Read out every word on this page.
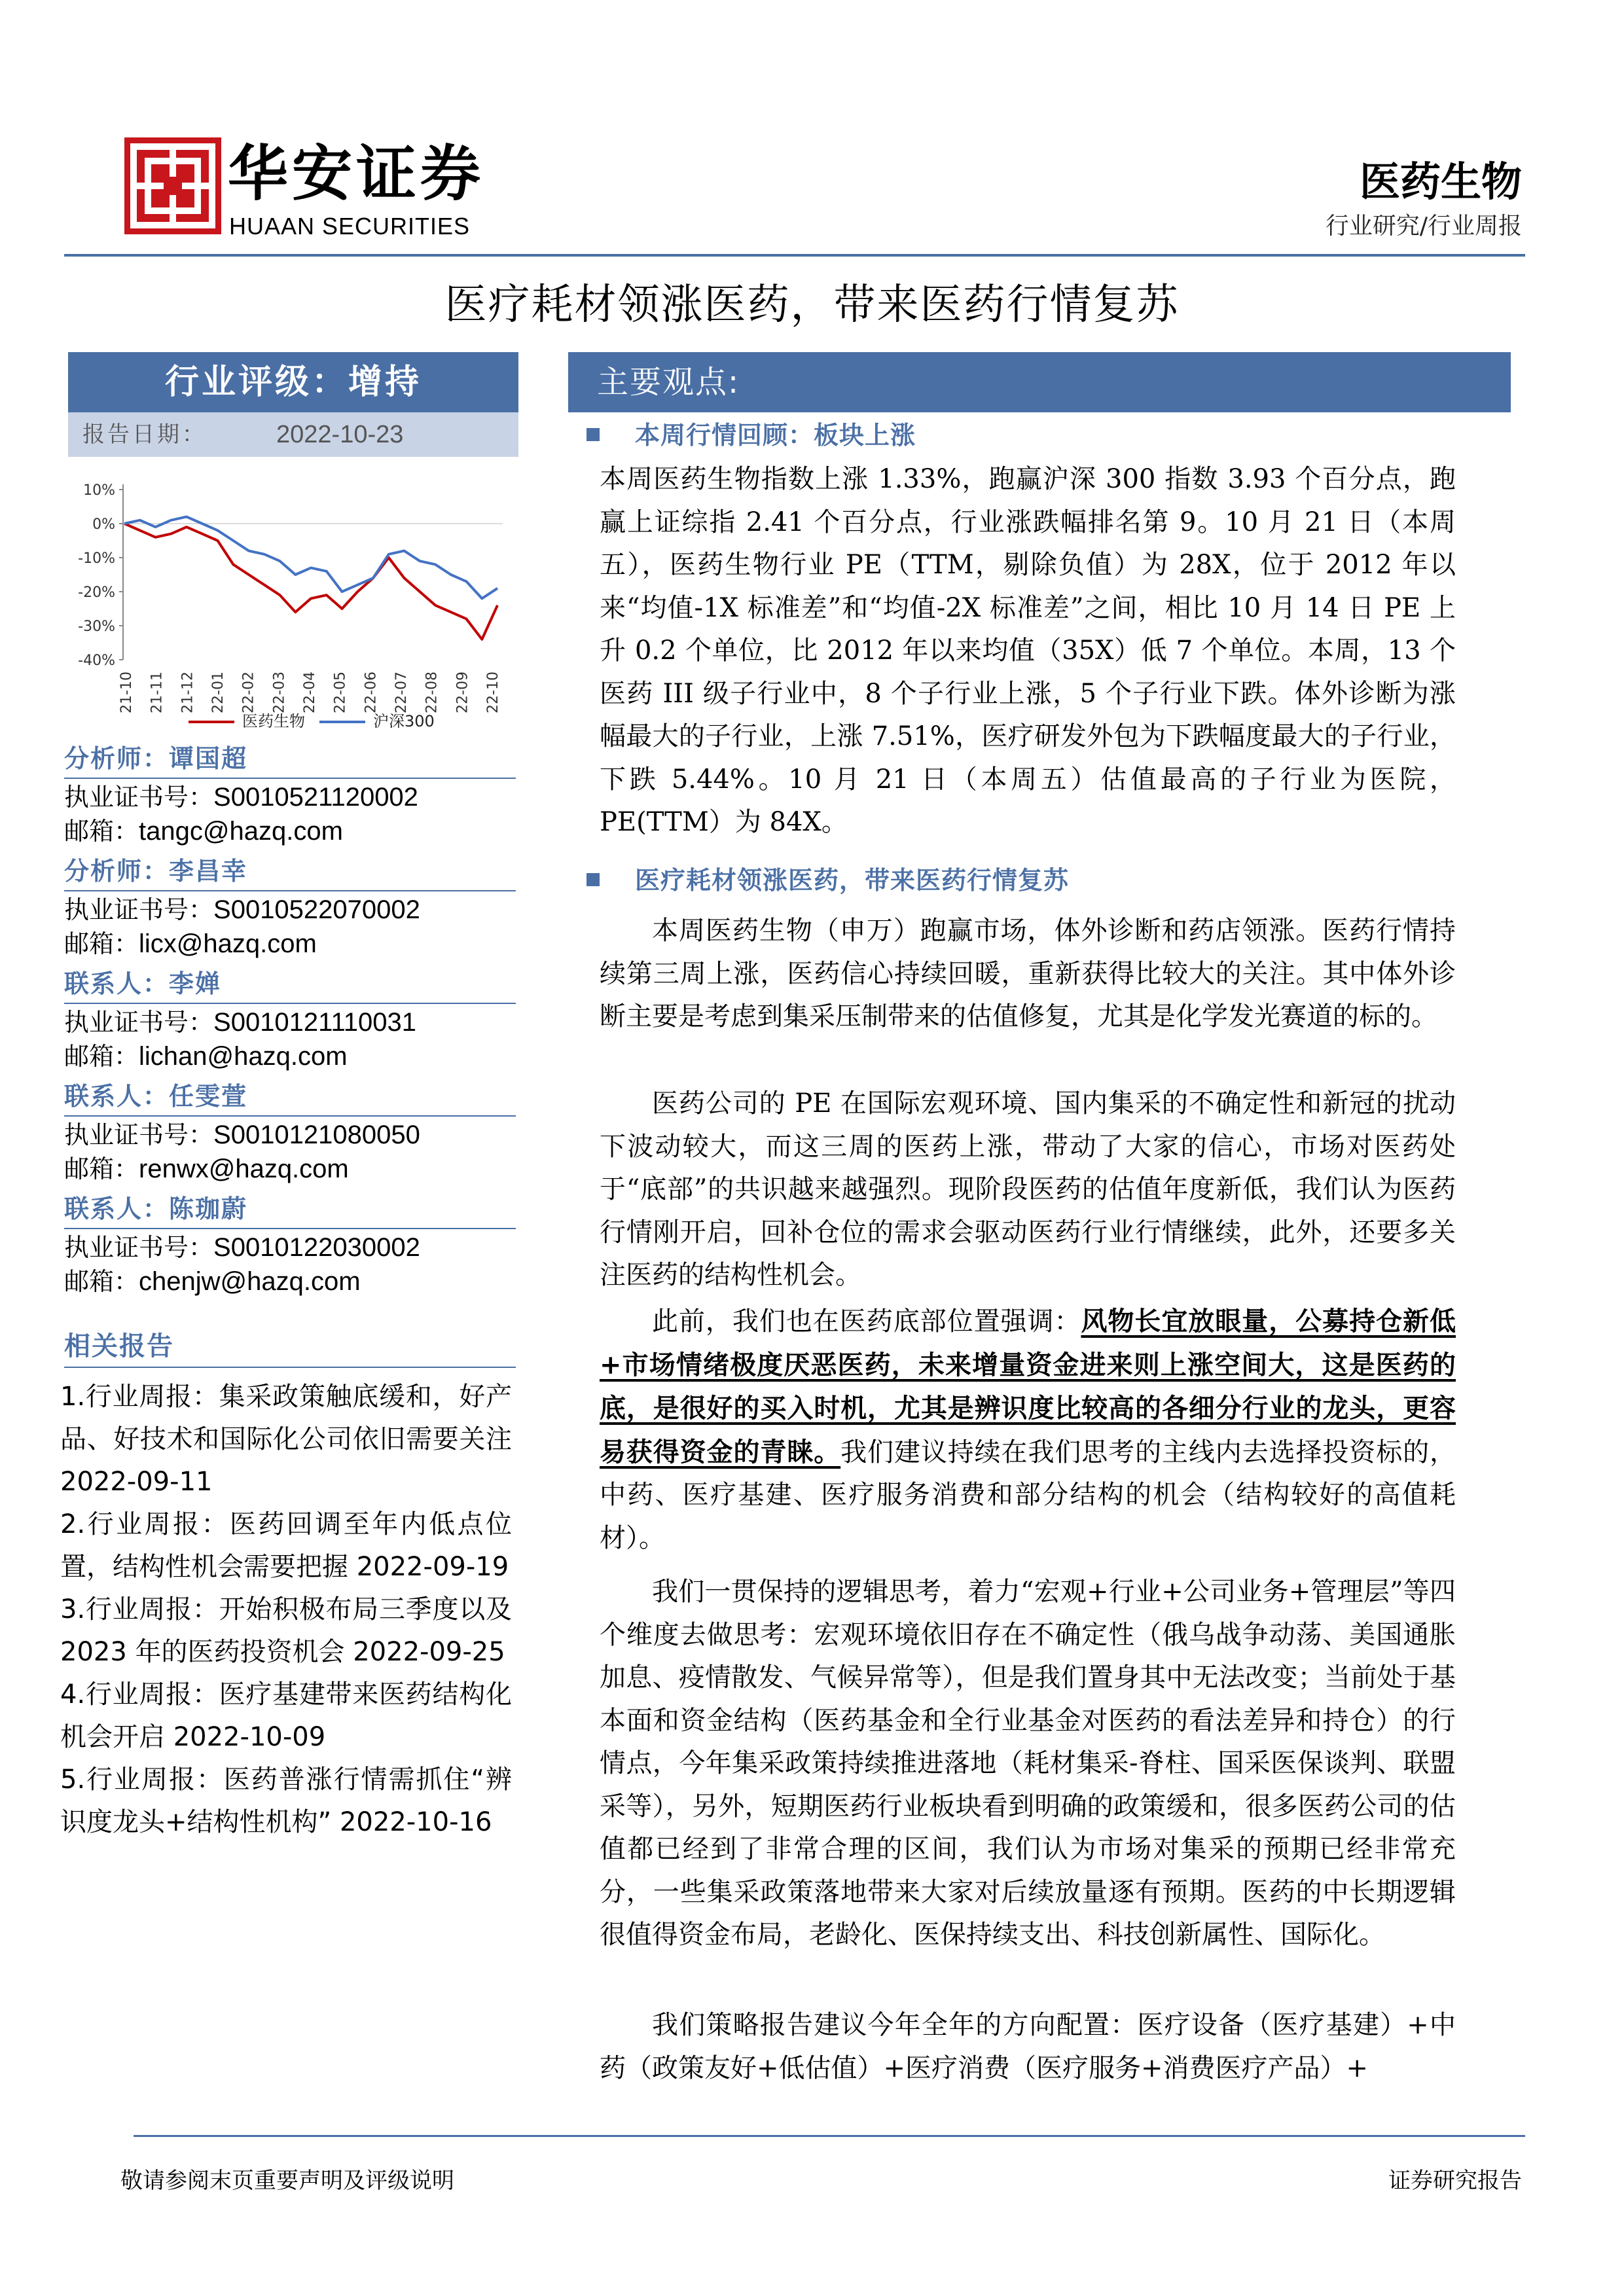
华安证券
HUAAN SECURITIES
医药生物
行业研究/行业周报
医疗耗材领涨医药，带来医药行情复苏
行业评级：增持
报告日期：	2022-10-23
10%
0%
-10%
-20%
-30%
-40%
21-10 21-11 21-12 22-01 22-02 22-03 22-04 22-05 22-06 22-07 22-08 22-09 22-10
医药生物	沪深300
分析师：谭国超
执业证书号：S0010521120002
邮箱：tangc@hazq.com
分析师：李昌幸
执业证书号：S0010522070002
邮箱：licx@hazq.com
联系人：李婵
执业证书号：S0010121110031
邮箱：lichan@hazq.com
联系人：任雯萱
执业证书号：S0010121080050
邮箱：renwx@hazq.com
联系人：陈珈蔚
执业证书号：S0010122030002
邮箱：chenjw@hazq.com
相关报告
1.行业周报：集采政策触底缓和，好产品、好技术和国际化公司依旧需要关注 2022-09-11
2.行业周报：医药回调至年内低点位置，结构性机会需要把握 2022-09-19
3.行业周报：开始积极布局三季度以及 2023 年的医药投资机会 2022-09-25
4.行业周报：医疗基建带来医药结构化机会开启 2022-10-09
5.行业周报：医药普涨行情需抓住“辨识度龙头+结构性机构” 2022-10-16
主要观点:
本周行情回顾：板块上涨
本周医药生物指数上涨 1.33%，跑赢沪深 300 指数 3.93 个百分点，跑赢上证综指 2.41 个百分点，行业涨跌幅排名第 9。10 月 21 日（本周五），医药生物行业 PE（TTM，剔除负值）为 28X，位于 2012 年以来“均值-1X 标准差”和“均值-2X 标准差”之间，相比 10 月 14 日 PE 上升 0.2 个单位，比 2012 年以来均值（35X）低 7 个单位。本周，13 个医药 III 级子行业中，8 个子行业上涨，5 个子行业下跌。体外诊断为涨幅最大的子行业，上涨 7.51%，医疗研发外包为下跌幅度最大的子行业，下跌 5.44%。10 月 21 日（本周五）估值最高的子行业为医院，PE(TTM）为 84X。
医疗耗材领涨医药，带来医药行情复苏
本周医药生物（申万）跑赢市场，体外诊断和药店领涨。医药行情持续第三周上涨，医药信心持续回暖，重新获得比较大的关注。其中体外诊断主要是考虑到集采压制带来的估值修复，尤其是化学发光赛道的标的。
医药公司的 PE 在国际宏观环境、国内集采的不确定性和新冠的扰动下波动较大，而这三周的医药上涨，带动了大家的信心，市场对医药处于“底部”的共识越来越强烈。现阶段医药的估值年度新低，我们认为医药行情刚开启，回补仓位的需求会驱动医药行业行情继续，此外，还要多关注医药的结构性机会。
此前，我们也在医药底部位置强调：风物长宜放眼量，公募持仓新低+市场情绪极度厌恶医药，未来增量资金进来则上涨空间大，这是医药的底，是很好的买入时机，尤其是辨识度比较高的各细分行业的龙头，更容易获得资金的青睐。我们建议持续在我们思考的主线内去选择投资标的，中药、医疗基建、医疗服务消费和部分结构的机会（结构较好的高值耗材）。
我们一贯保持的逻辑思考，着力“宏观+行业+公司业务+管理层”等四个维度去做思考：宏观环境依旧存在不确定性（俄乌战争动荡、美国通胀加息、疫情散发、气候异常等），但是我们置身其中无法改变；当前处于基本面和资金结构（医药基金和全行业基金对医药的看法差异和持仓）的行情点，今年集采政策持续推进落地（耗材集采-脊柱、国采医保谈判、联盟采等），另外，短期医药行业板块看到明确的政策缓和，很多医药公司的估值都已经到了非常合理的区间，我们认为市场对集采的预期已经非常充分，一些集采政策落地带来大家对后续放量逐有预期。医药的中长期逻辑很值得资金布局，老龄化、医保持续支出、科技创新属性、国际化。
我们策略报告建议今年全年的方向配置：医疗设备（医疗基建）+中药（政策友好+低估值）+医疗消费（医疗服务+消费医疗产品）+
敬请参阅末页重要声明及评级说明	证券研究报告
